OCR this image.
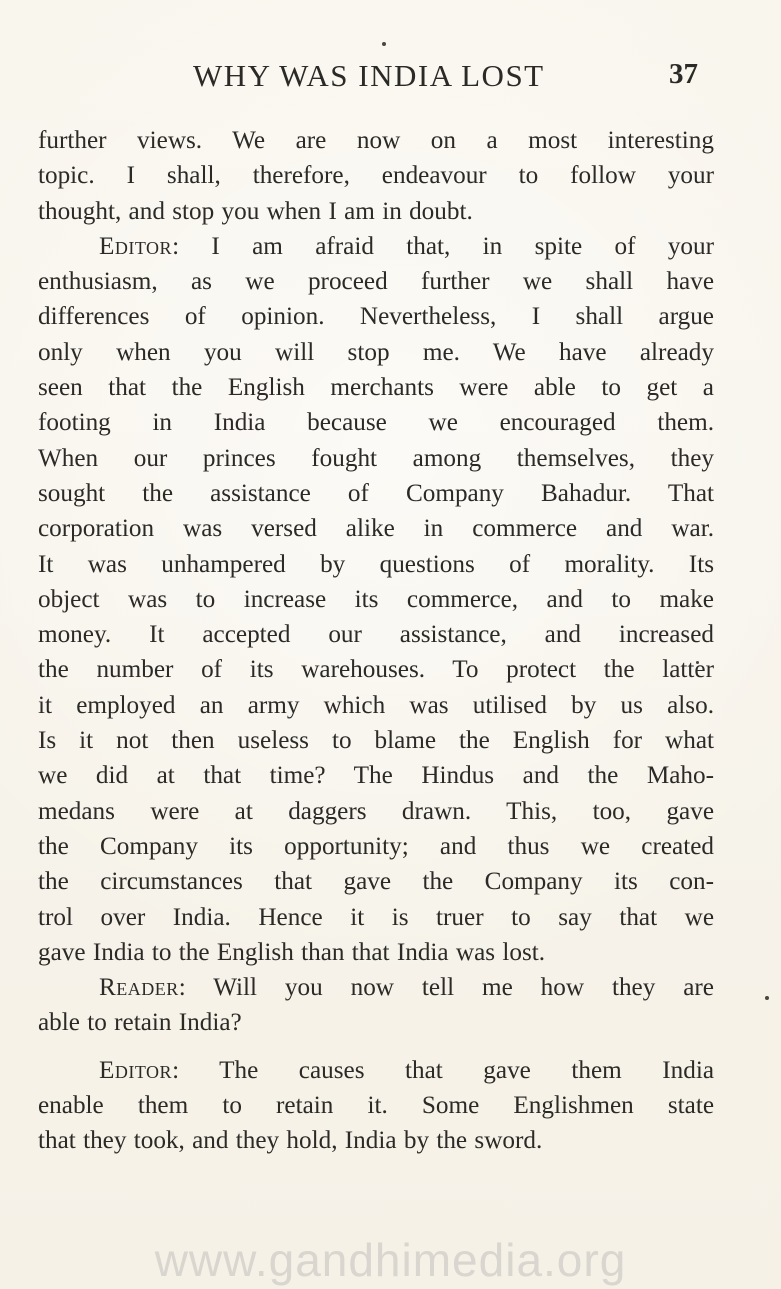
WHY WAS INDIA LOST	37
further views. We are now on a most interesting
topic. I shall, therefore, endeavour to follow your
thought, and stop you when I am in doubt.
Editor: I am afraid that, in spite of your
enthusiasm, as we proceed further we shall have
differences of opinion. Nevertheless, I shall argue
only when you will stop me. We have already
seen that the English merchants were able to get a
footing in India because we encouraged them.
When our princes fought among themselves, they
sought the assistance of Company Bahadur. That
corporation was versed alike in commerce and war.
It was unhampered by questions of morality. Its
object was to increase its commerce, and to make
money. It accepted our assistance, and increased
the number of its warehouses. To protect the latter
it employed an army which was utilised by us also.
Is it not then useless to blame the English for what
we did at that time? The Hindus and the Maho-
medans were at daggers drawn. This, too, gave
the Company its opportunity; and thus we created
the circumstances that gave the Company its con-
trol over India. Hence it is truer to say that we
gave India to the English than that India was lost.
Reader: Will you now tell me how they are
able to retain India?
Editor: The causes that gave them India
enable them to retain it. Some Englishmen state
that they took, and they hold, India by the sword.
www.gandhimedia.org
